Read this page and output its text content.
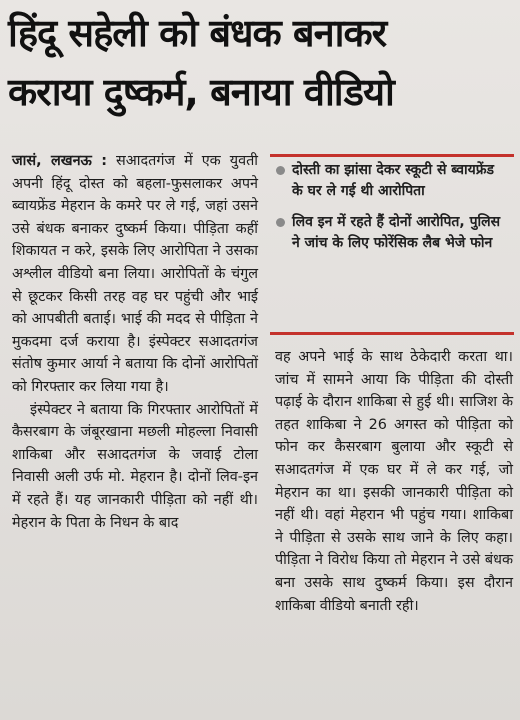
हिंदू सहेली को बंधक बनाकर
कराया दुष्कर्म, बनाया वीडियो

जासं, लखनऊ : सआदतगंज में एक युवती अपनी हिंदू दोस्त को बहला-फुसलाकर अपने ब्वायफ्रेंड मेहरान के कमरे पर ले गई, जहां उसने उसे बंधक बनाकर दुष्कर्म किया। पीड़िता कहीं शिकायत न करे, इसके लिए आरोपिता ने उसका अश्लील वीडियो बना लिया। आरोपितों के चंगुल से छूटकर किसी तरह वह घर पहुंची और भाई को आपबीती बताई। भाई की मदद से पीड़िता ने मुकदमा दर्ज कराया है। इंस्पेक्टर सआदतगंज संतोष कुमार आर्या ने बताया कि दोनों आरोपितों को गिरफ्तार कर लिया गया है।

इंस्पेक्टर ने बताया कि गिरफ्तार आरोपितों में कैसरबाग के जंबूरखाना मछली मोहल्ला निवासी शाकिबा और सआदतगंज के जवाई टोला निवासी अली उर्फ मो. मेहरान है। दोनों लिव-इन में रहते हैं। यह जानकारी पीड़िता को नहीं थी। मेहरान के पिता के निधन के बाद

दोस्ती का झांसा देकर स्कूटी से ब्वायफ्रेंड के घर ले गई थी आरोपिता
लिव इन में रहते हैं दोनों आरोपित, पुलिस ने जांच के लिए फोरेंसिक लैब भेजे फोन

वह अपने भाई के साथ ठेकेदारी करता था। जांच में सामने आया कि पीड़िता की दोस्ती पढ़ाई के दौरान शाकिबा से हुई थी। साजिश के तहत शाकिबा ने 26 अगस्त को पीड़िता को फोन कर कैसरबाग बुलाया और स्कूटी से सआदतगंज में एक घर में ले कर गई, जो मेहरान का था। इसकी जानकारी पीड़िता को नहीं थी। वहां मेहरान भी पहुंच गया। शाकिबा ने पीड़िता से उसके साथ जाने के लिए कहा। पीड़िता ने विरोध किया तो मेहरान ने उसे बंधक बना उसके साथ दुष्कर्म किया। इस दौरान शाकिबा वीडियो बनाती रही।
